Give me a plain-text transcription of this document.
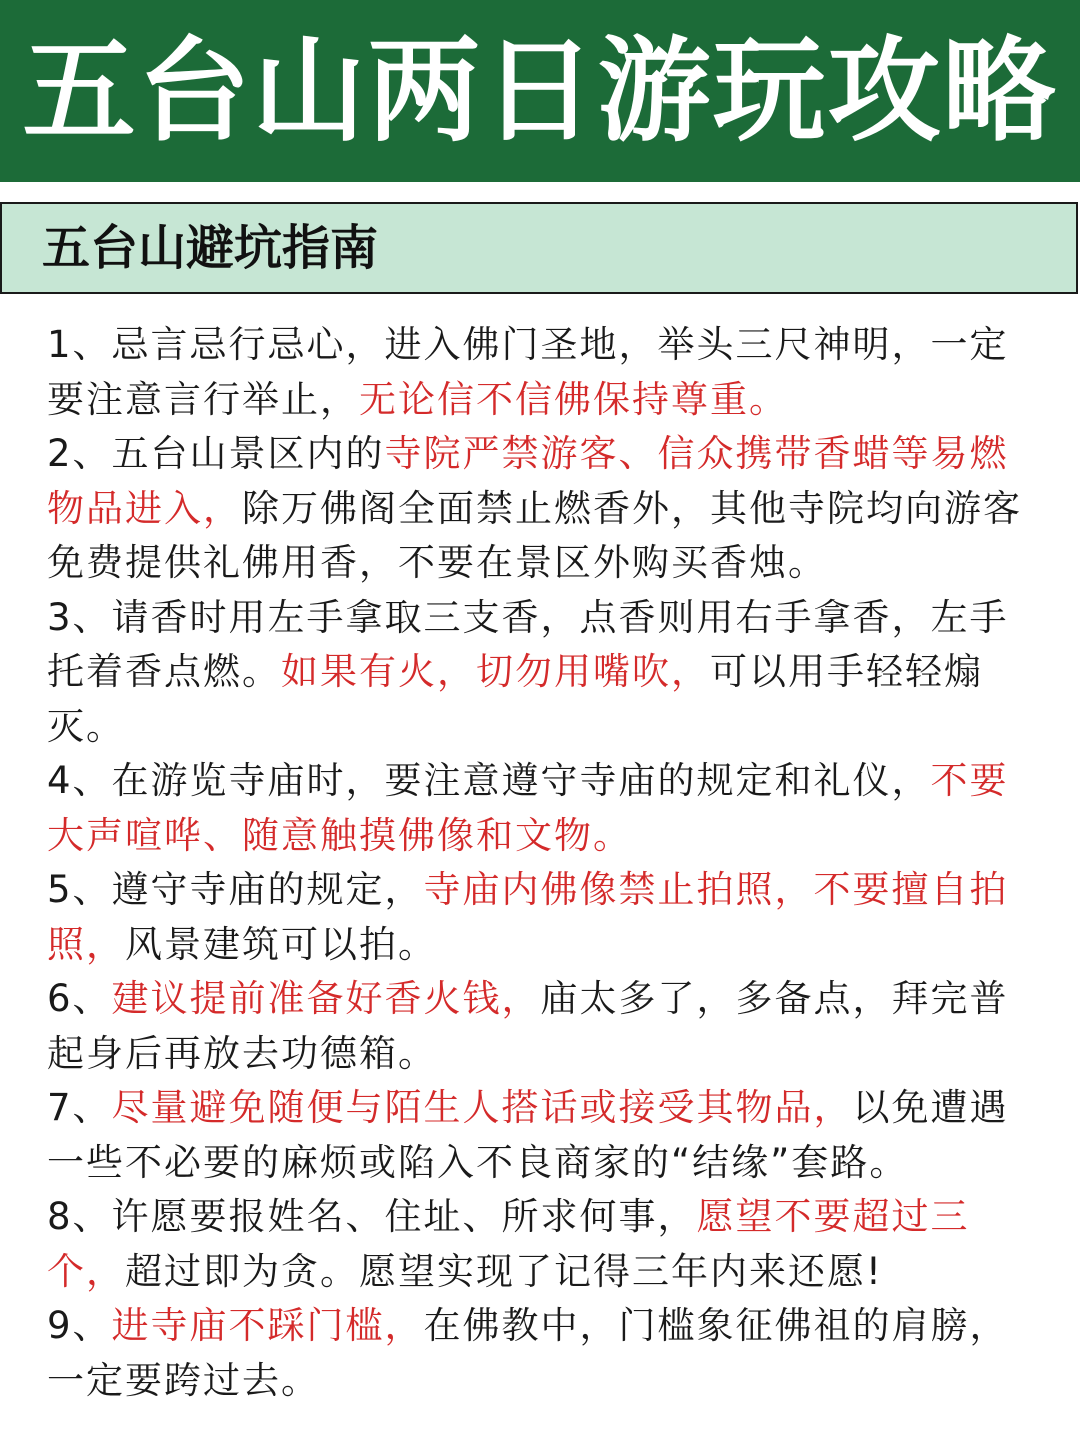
五台山两日游玩攻略
五台山避坑指南

1、忌言忌行忌心，进入佛门圣地，举头三尺神明，一定要注意言行举止，无论信不信佛保持尊重。

2、五台山景区内的寺院严禁游客、信众携带香蜡等易燃物品进入，除万佛阁全面禁止燃香外，其他寺院均向游客免费提供礼佛用香，不要在景区外购买香烛。

3、请香时用左手拿取三支香，点香则用右手拿香，左手托着香点燃。如果有火，切勿用嘴吹，可以用手轻轻煽灭。

4、在游览寺庙时，要注意遵守寺庙的规定和礼仪，不要大声喧哗、随意触摸佛像和文物。

5、遵守寺庙的规定，寺庙内佛像禁止拍照，不要擅自拍照，风景建筑可以拍。

6、建议提前准备好香火钱，庙太多了，多备点，拜完普起身后再放去功德箱。

7、尽量避免随便与陌生人搭话或接受其物品，以免遭遇一些不必要的麻烦或陷入不良商家的“结缘”套路。

8、许愿要报姓名、住址、所求何事，愿望不要超过三个，超过即为贪。愿望实现了记得三年内来还愿!

9、进寺庙不踩门槛，在佛教中，门槛象征佛祖的肩膀，一定要跨过去。
